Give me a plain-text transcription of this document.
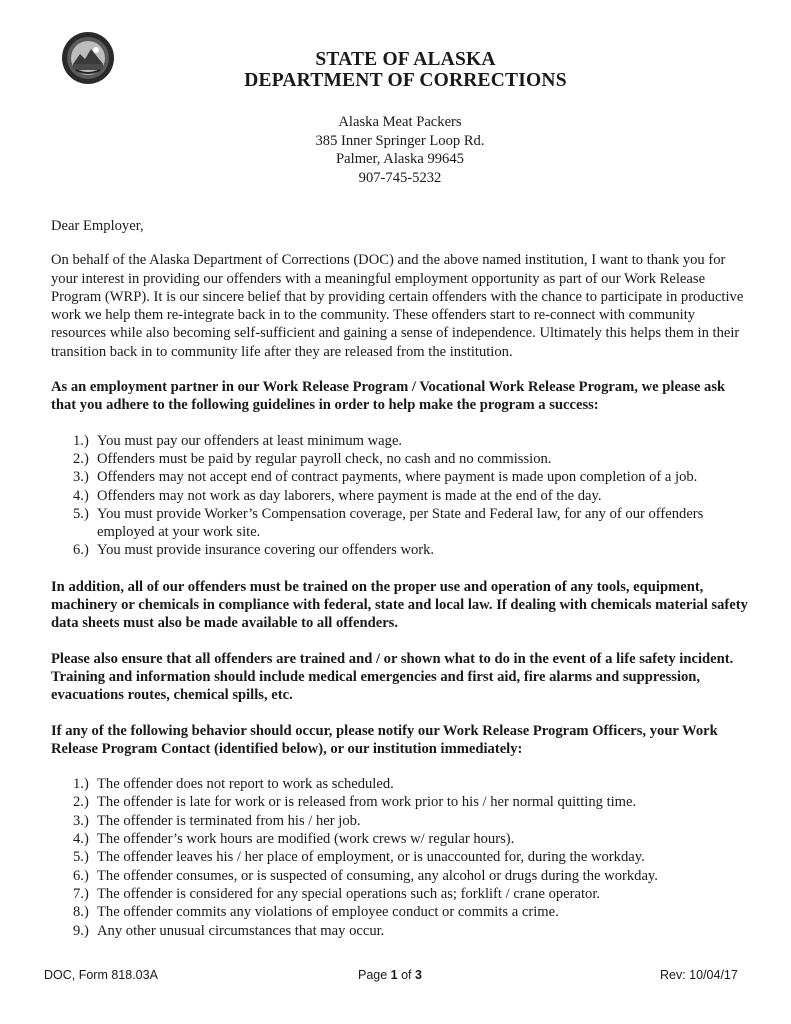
STATE OF ALASKA
DEPARTMENT OF CORRECTIONS
Alaska Meat Packers
385 Inner Springer Loop Rd.
Palmer, Alaska 99645
907-745-5232

Dear Employer,

On behalf of the Alaska Department of Corrections (DOC) and the above named institution, I want to thank you for your interest in providing our offenders with a meaningful employment opportunity as part of our Work Release Program (WRP). It is our sincere belief that by providing certain offenders with the chance to participate in productive work we help them re-integrate back in to the community. These offenders start to re-connect with community resources while also becoming self-sufficient and gaining a sense of independence. Ultimately this helps them in their transition back in to community life after they are released from the institution.

As an employment partner in our Work Release Program / Vocational Work Release Program, we please ask that you adhere to the following guidelines in order to help make the program a success:

1.) You must pay our offenders at least minimum wage.
2.) Offenders must be paid by regular payroll check, no cash and no commission.
3.) Offenders may not accept end of contract payments, where payment is made upon completion of a job.
4.) Offenders may not work as day laborers, where payment is made at the end of the day.
5.) You must provide Worker’s Compensation coverage, per State and Federal law, for any of our offenders employed at your work site.
6.) You must provide insurance covering our offenders work.

In addition, all of our offenders must be trained on the proper use and operation of any tools, equipment, machinery or chemicals in compliance with federal, state and local law. If dealing with chemicals material safety data sheets must also be made available to all offenders.

Please also ensure that all offenders are trained and / or shown what to do in the event of a life safety incident. Training and information should include medical emergencies and first aid, fire alarms and suppression, evacuations routes, chemical spills, etc.

If any of the following behavior should occur, please notify our Work Release Program Officers, your Work Release Program Contact (identified below), or our institution immediately:

1.) The offender does not report to work as scheduled.
2.) The offender is late for work or is released from work prior to his / her normal quitting time.
3.) The offender is terminated from his / her job.
4.) The offender’s work hours are modified (work crews w/ regular hours).
5.) The offender leaves his / her place of employment, or is unaccounted for, during the workday.
6.) The offender consumes, or is suspected of consuming, any alcohol or drugs during the workday.
7.) The offender is considered for any special operations such as; forklift / crane operator.
8.) The offender commits any violations of employee conduct or commits a crime.
9.) Any other unusual circumstances that may occur.
DOC, Form 818.03A	Page 1 of 3	Rev: 10/04/17
